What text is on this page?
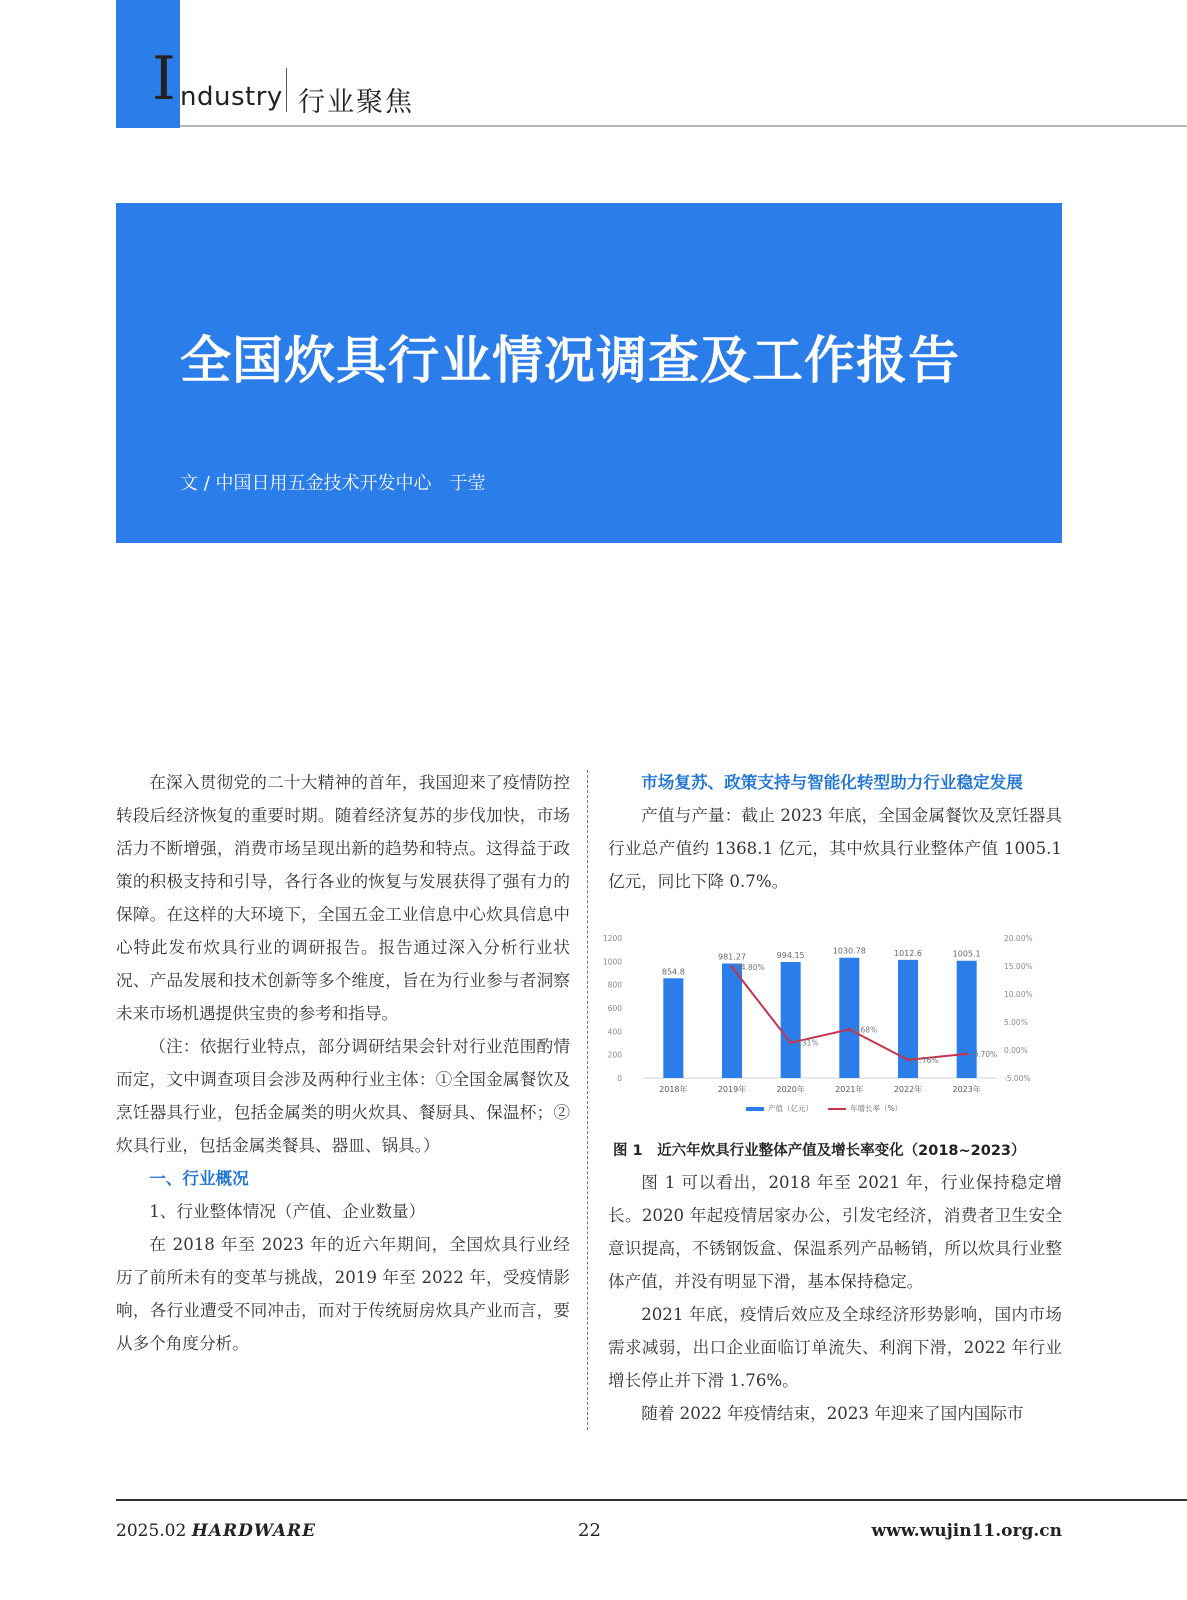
I ndustry 行业聚焦
全国炊具行业情况调查及工作报告
文 / 中国日用五金技术开发中心　于莹

在深入贯彻党的二十大精神的首年，我国迎来了疫情防控转段后经济恢复的重要时期。随着经济复苏的步伐加快，市场活力不断增强，消费市场呈现出新的趋势和特点。这得益于政策的积极支持和引导，各行各业的恢复与发展获得了强有力的保障。在这样的大环境下，全国五金工业信息中心炊具信息中心特此发布炊具行业的调研报告。报告通过深入分析行业状况、产品发展和技术创新等多个维度，旨在为行业参与者洞察未来市场机遇提供宝贵的参考和指导。

（注：依据行业特点，部分调研结果会针对行业范围酌情而定，文中调查项目会涉及两种行业主体：①全国金属餐饮及烹饪器具行业，包括金属类的明火炊具、餐厨具、保温杯；②炊具行业，包括金属类餐具、器皿、锅具。）

一、行业概况

1、行业整体情况（产值、企业数量）

在 2018 年至 2023 年的近六年期间，全国炊具行业经历了前所未有的变革与挑战，2019 年至 2022 年，受疫情影响，各行业遭受不同冲击，而对于传统厨房炊具产业而言，要从多个角度分析。

市场复苏、政策支持与智能化转型助力行业稳定发展

产值与产量：截止 2023 年底，全国金属餐饮及烹饪器具行业总产值约 1368.1 亿元，其中炊具行业整体产值 1005.1 亿元，同比下降 0.7%。

0
200
400
600
800
1000
1200
-5.00%
0.00%
5.00%
10.00%
15.00%
20.00%
854.8
981.27	994.15	1030.78	1012.6	1005.1
2018年	2019年	2020年	2021年	2022年	2023年
14.80%
1.31%
3.68%
-1.76%
-0.70%
产值（亿元）	年增长率（%）
图 1　近六年炊具行业整体产值及增长率变化（2018~2023）

图 1 可以看出，2018 年至 2021 年，行业保持稳定增长。2020 年起疫情居家办公，引发宅经济，消费者卫生安全意识提高，不锈钢饭盒、保温系列产品畅销，所以炊具行业整体产值，并没有明显下滑，基本保持稳定。

2021 年底，疫情后效应及全球经济形势影响，国内市场需求减弱，出口企业面临订单流失、利润下滑，2022 年行业增长停止并下滑 1.76%。

随着 2022 年疫情结束，2023 年迎来了国内国际市

2025.02 HARDWARE	22	www.wujin11.org.cn
